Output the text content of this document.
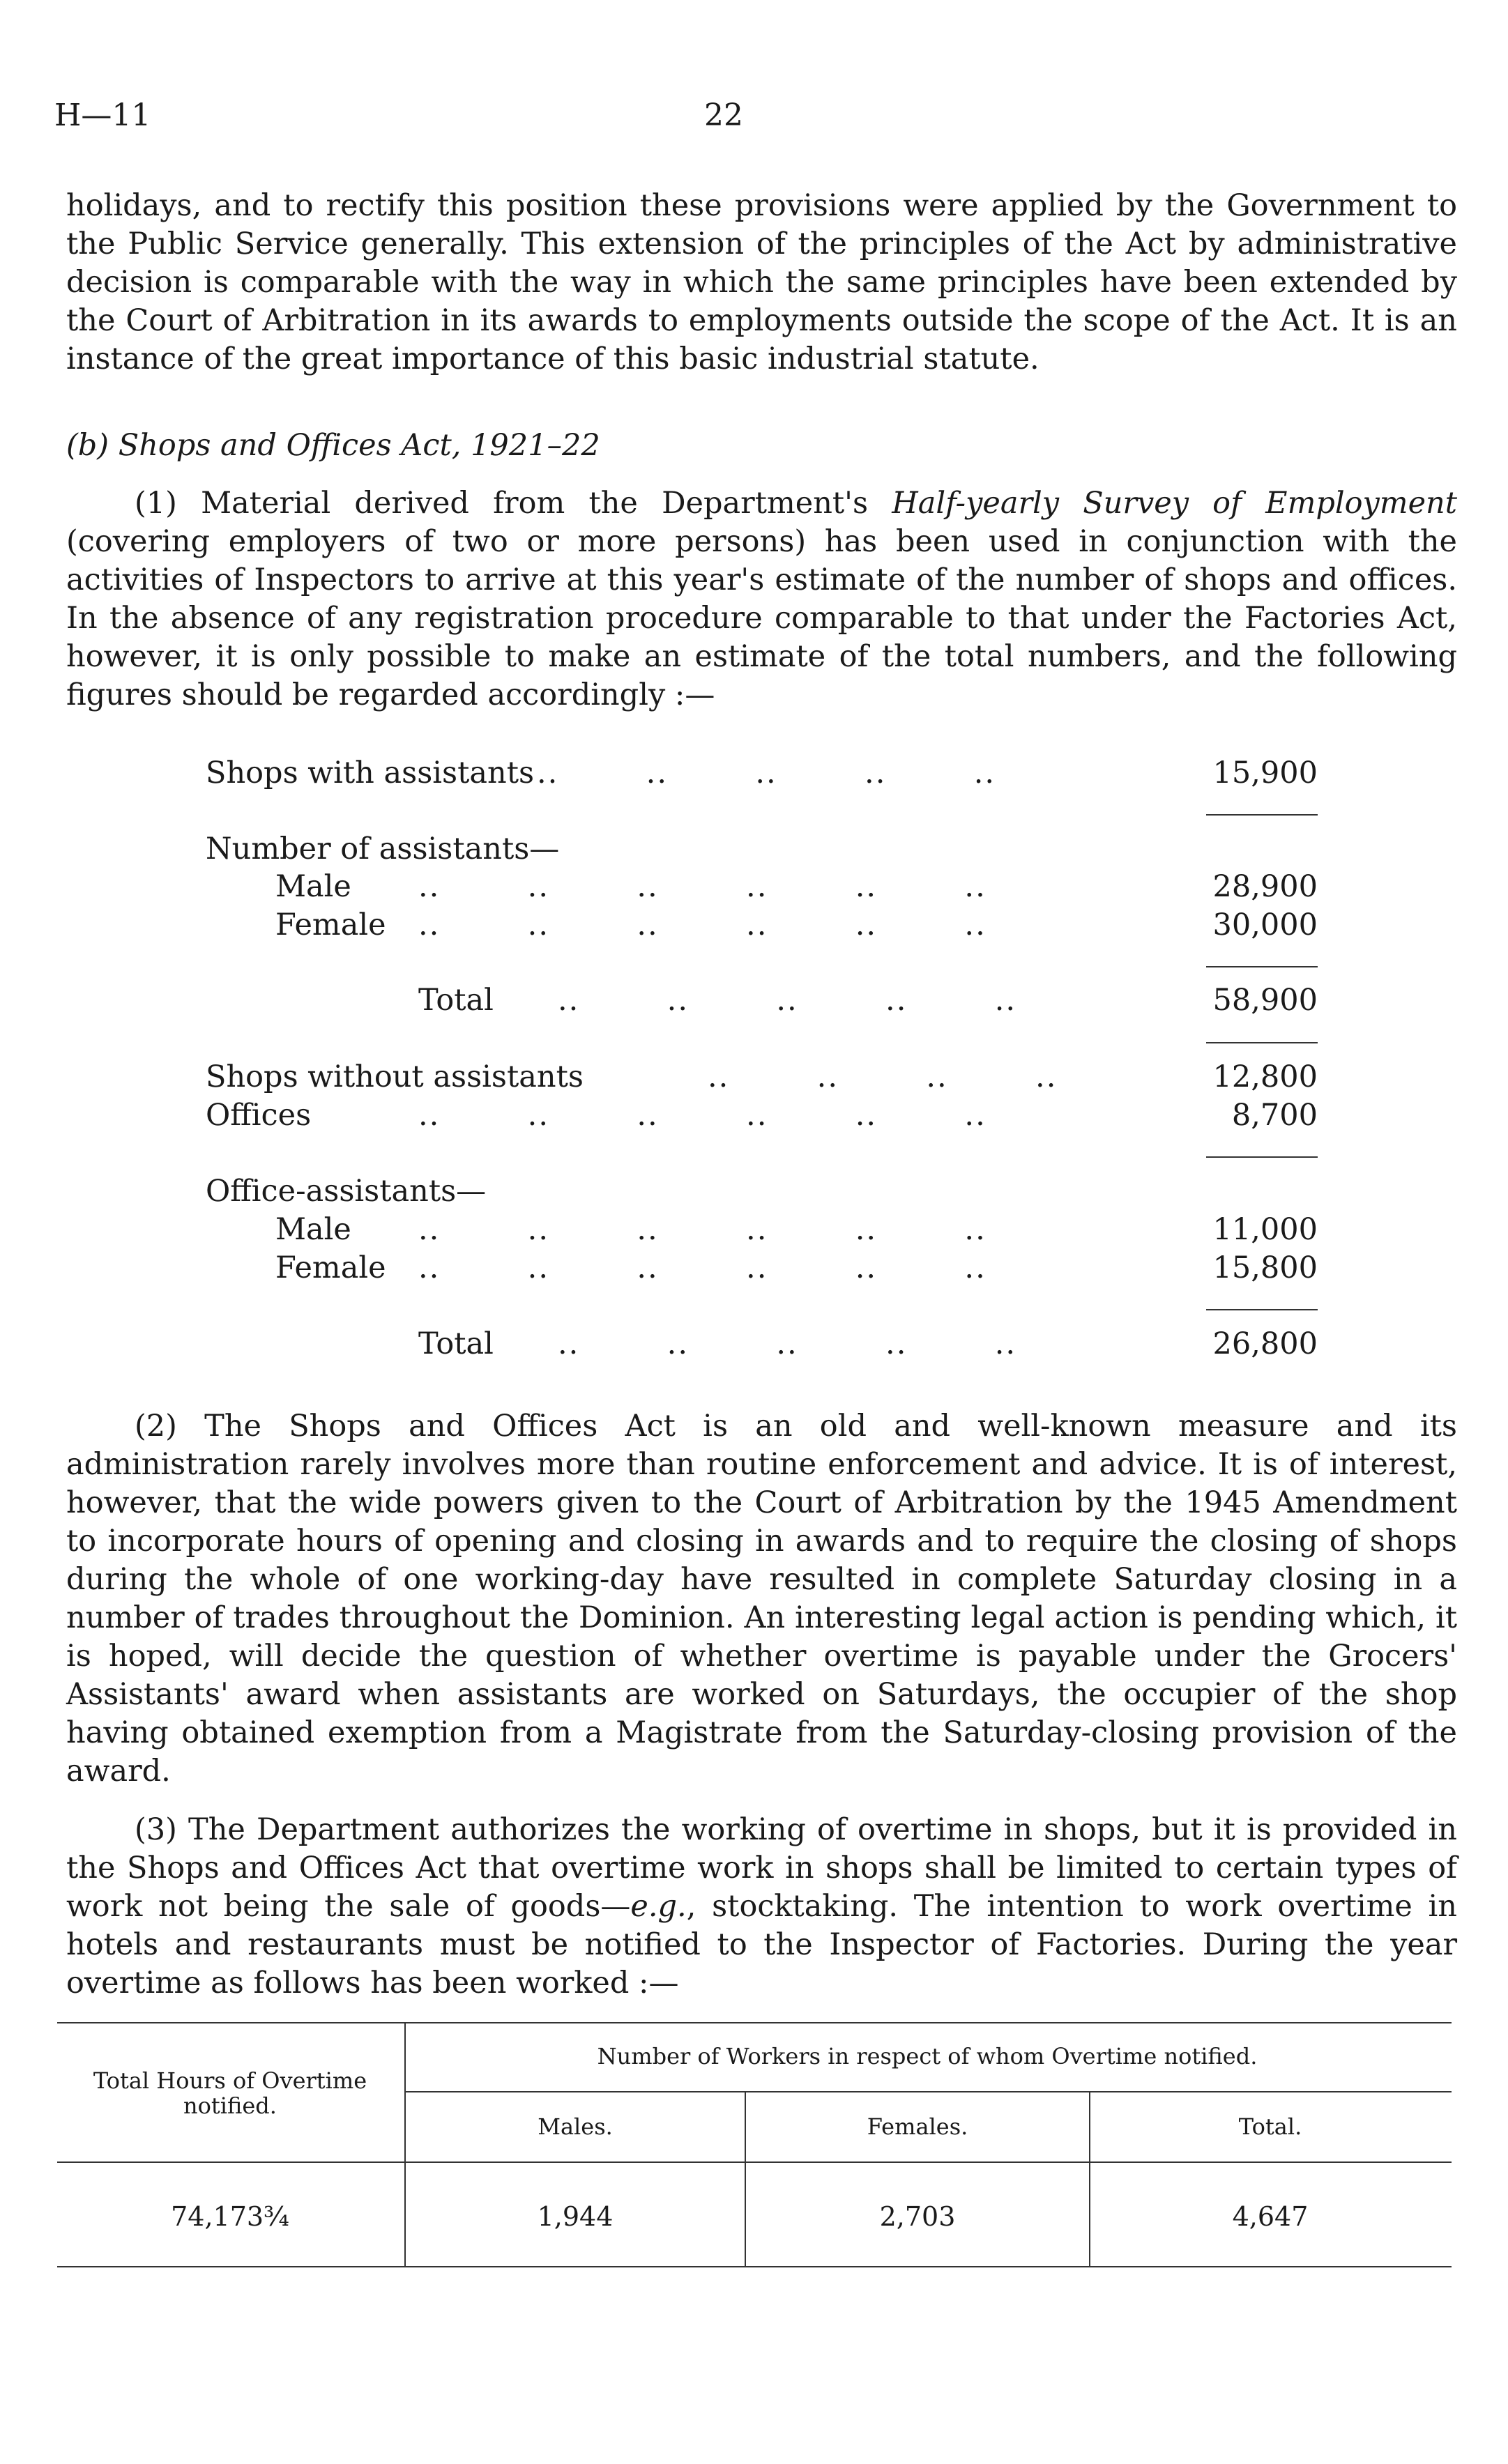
H—11	22
holidays, and to rectify this position these provisions were applied by the Government to the Public Service generally. This extension of the principles of the Act by administrative decision is comparable with the way in which the same principles have been extended by the Court of Arbitration in its awards to employments outside the scope of the Act. It is an instance of the great importance of this basic industrial statute.
(b) Shops and Offices Act, 1921–22
(1) Material derived from the Department's Half-yearly Survey of Employment (covering employers of two or more persons) has been used in conjunction with the activities of Inspectors to arrive at this year's estimate of the number of shops and offices. In the absence of any registration procedure comparable to that under the Factories Act, however, it is only possible to make an estimate of the total numbers, and the following figures should be regarded accordingly :—
Shops with assistants ..        ..        ..        ..        ..	15,900
Number of assistants—
Male ..        ..        ..        ..        ..        ..	28,900
Female ..        ..        ..        ..        ..        ..	30,000
Total ..        ..        ..        ..        ..	58,900
Shops without assistants	..        ..        ..        ..	12,800
Offices	..        ..        ..        ..        ..        ..	8,700
Office-assistants—
Male ..        ..        ..        ..        ..        ..	11,000
Female ..        ..        ..        ..        ..        ..	15,800
Total ..        ..        ..        ..        ..	26,800
(2) The Shops and Offices Act is an old and well-known measure and its administration rarely involves more than routine enforcement and advice. It is of interest, however, that the wide powers given to the Court of Arbitration by the 1945 Amendment to incorporate hours of opening and closing in awards and to require the closing of shops during the whole of one working-day have resulted in complete Saturday closing in a number of trades throughout the Dominion. An interesting legal action is pending which, it is hoped, will decide the question of whether overtime is payable under the Grocers' Assistants' award when assistants are worked on Saturdays, the occupier of the shop having obtained exemption from a Magistrate from the Saturday-closing provision of the award.
(3) The Department authorizes the working of overtime in shops, but it is provided in the Shops and Offices Act that overtime work in shops shall be limited to certain types of work not being the sale of goods—e.g., stocktaking. The intention to work overtime in hotels and restaurants must be notified to the Inspector of Factories. During the year overtime as follows has been worked :—
Total Hours of Overtime notified.
Number of Workers in respect of whom Overtime notified.
Males.	Females.	Total.
74,173¾	1,944	2,703	4,647
